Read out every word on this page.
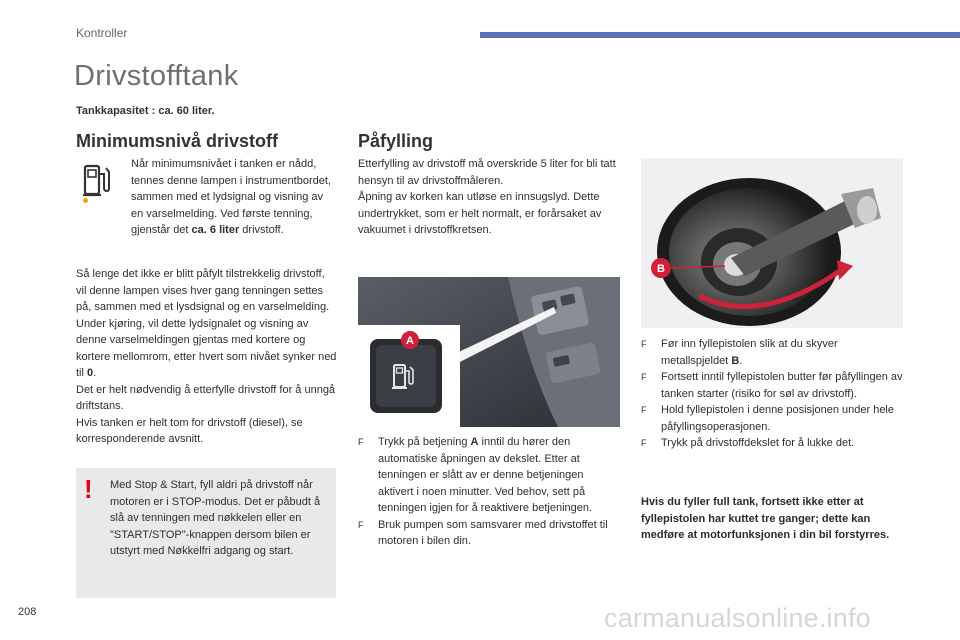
Kontroller
Drivstofftank
Tankkapasitet : ca. 60 liter.
Minimumsnivå drivstoff
Når minimumsnivået i tanken er nådd, tennes denne lampen i instrumentbordet, sammen med et lydsignal og visning av en varselmelding. Ved første tenning, gjenstår det ca. 6 liter drivstoff.
Så lenge det ikke er blitt påfylt tilstrekkelig drivstoff, vil denne lampen vises hver gang tenningen settes på, sammen med et lysdsignal og en varselmelding. Under kjøring, vil dette lydsignalet og visning av denne varselmeldingen gjentas med kortere og kortere mellomrom, etter hvert som nivået synker ned til 0.
Det er helt nødvendig å etterfylle drivstoff for å unngå driftstans.
Hvis tanken er helt tom for drivstoff (diesel), se korresponderende avsnitt.
! Med Stop & Start, fyll aldri på drivstoff når motoren er i STOP-modus. Det er påbudt å slå av tenningen med nøkkelen eller en "START/STOP"-knappen dersom bilen er utstyrt med Nøkkelfri adgang og start.
Påfylling
Etterfylling av drivstoff må overskride 5 liter for bli tatt hensyn til av drivstoffmåleren.
Åpning av korken kan utløse en innsugslyd. Dette undertrykket, som er helt normalt, er forårsaket av vakuumet i drivstoffkretsen.
A
B
F Trykk på betjening A inntil du hører den automatiske åpningen av dekslet. Etter at tenningen er slått av er denne betjeningen aktivert i noen minutter. Ved behov, sett på tenningen igjen for å reaktivere betjeningen.
F Bruk pumpen som samsvarer med drivstoffet til motoren i bilen din.
F Før inn fyllepistolen slik at du skyver metallspjeldet B.
F Fortsett inntil fyllepistolen butter før påfyllingen av tanken starter (risiko for søl av drivstoff).
F Hold fyllepistolen i denne posisjonen under hele påfyllingsoperasjonen.
F Trykk på drivstoffdekslet for å lukke det.
Hvis du fyller full tank, fortsett ikke etter at fyllepistolen har kuttet tre ganger; dette kan medføre at motorfunksjonen i din bil forstyrres.
208	carmanualsonline.info
